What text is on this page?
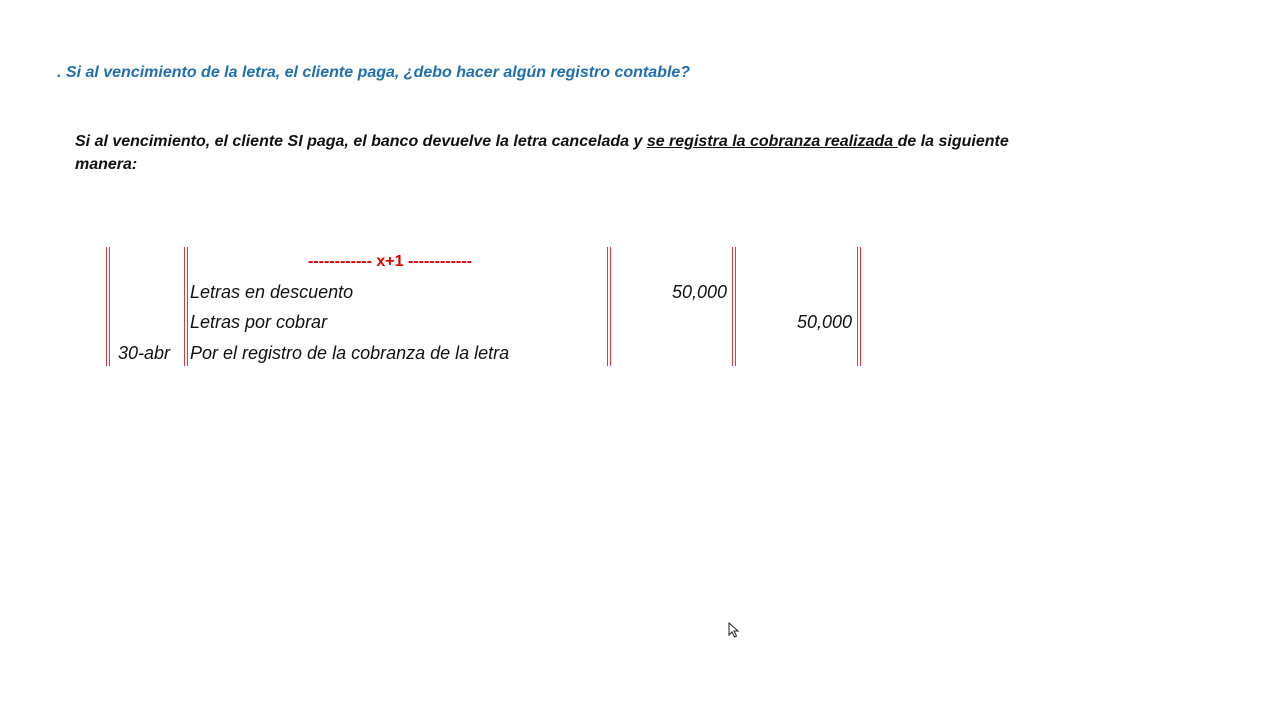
. Si al vencimiento de la letra, el cliente paga, ¿debo hacer algún registro contable?
Si al vencimiento, el cliente SI paga, el banco devuelve la letra cancelada y se registra la cobranza realizada de la siguiente manera:
------------ x+1 ------------
Letras en descuento	50,000
Letras por cobrar	50,000
30-abr Por el registro de la cobranza de la letra
